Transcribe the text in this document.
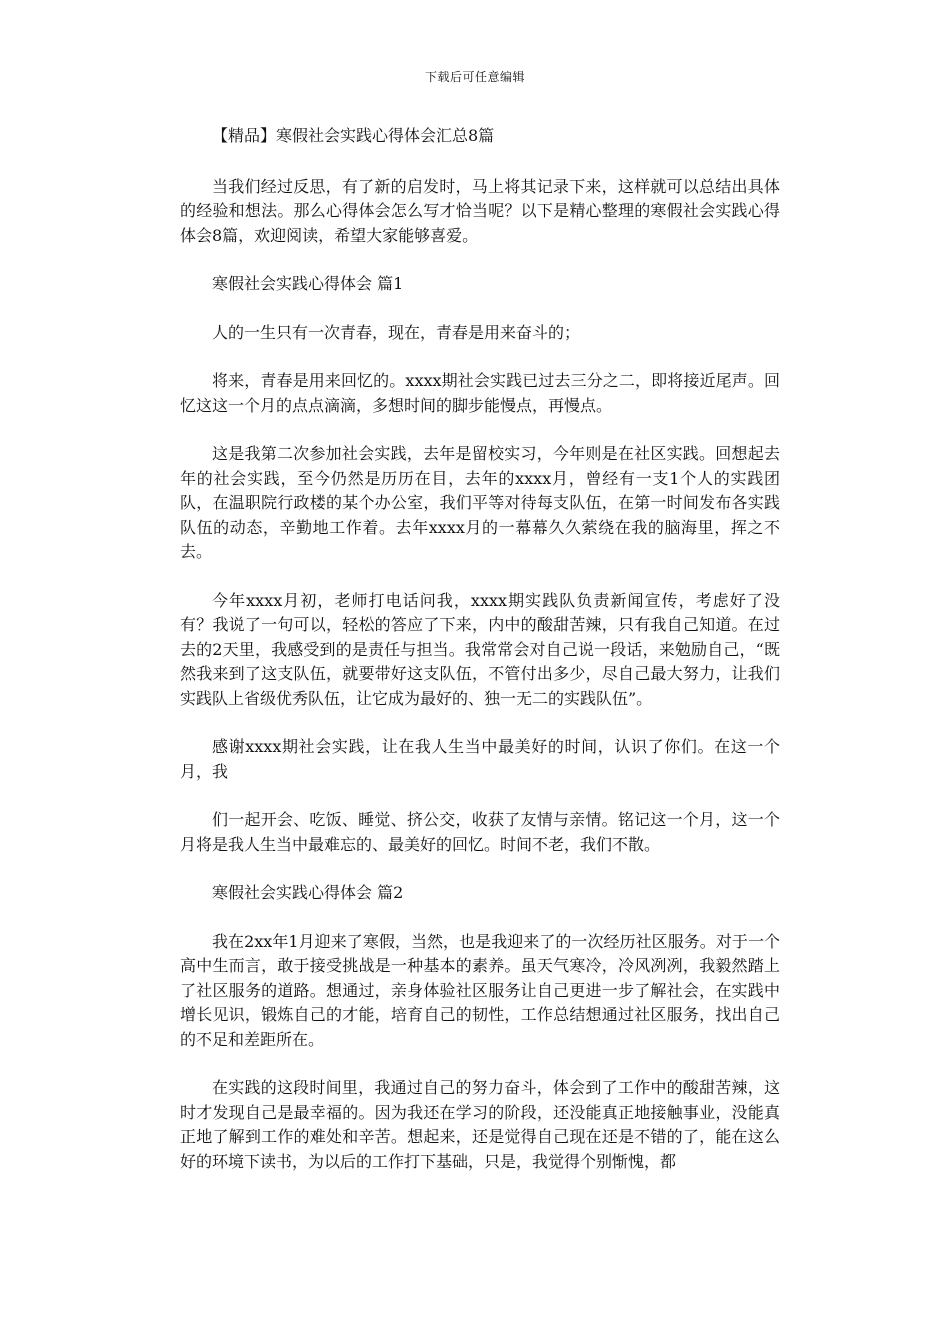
下载后可任意编辑

【精品】寒假社会实践心得体会汇总8篇

当我们经过反思，有了新的启发时，马上将其记录下来，这样就可以总结出具体的经验和想法。那么心得体会怎么写才恰当呢？以下是精心整理的寒假社会实践心得体会8篇，欢迎阅读，希望大家能够喜爱。

寒假社会实践心得体会 篇1

人的一生只有一次青春，现在，青春是用来奋斗的；

将来，青春是用来回忆的。xxxx期社会实践已过去三分之二，即将接近尾声。回忆这这一个月的点点滴滴，多想时间的脚步能慢点，再慢点。

这是我第二次参加社会实践，去年是留校实习，今年则是在社区实践。回想起去年的社会实践，至今仍然是历历在目，去年的xxxx月，曾经有一支1个人的实践团队，在温职院行政楼的某个办公室，我们平等对待每支队伍，在第一时间发布各实践队伍的动态，辛勤地工作着。去年xxxx月的一幕幕久久萦绕在我的脑海里，挥之不去。

今年xxxx月初，老师打电话问我，xxxx期实践队负责新闻宣传，考虑好了没有？我说了一句可以，轻松的答应了下来，内中的酸甜苦辣，只有我自己知道。在过去的2天里，我感受到的是责任与担当。我常常会对自己说一段话，来勉励自己，“既然我来到了这支队伍，就要带好这支队伍，不管付出多少，尽自己最大努力，让我们实践队上省级优秀队伍，让它成为最好的、独一无二的实践队伍”。

感谢xxxx期社会实践，让在我人生当中最美好的时间，认识了你们。在这一个月，我

们一起开会、吃饭、睡觉、挤公交，收获了友情与亲情。铭记这一个月，这一个月将是我人生当中最难忘的、最美好的回忆。时间不老，我们不散。

寒假社会实践心得体会 篇2

我在2xx年1月迎来了寒假，当然，也是我迎来了的一次经历社区服务。对于一个高中生而言，敢于接受挑战是一种基本的素养。虽天气寒冷，冷风冽冽，我毅然踏上了社区服务的道路。想通过，亲身体验社区服务让自己更进一步了解社会，在实践中增长见识，锻炼自己的才能，培育自己的韧性，工作总结想通过社区服务，找出自己的不足和差距所在。

在实践的这段时间里，我通过自己的努力奋斗，体会到了工作中的酸甜苦辣，这时才发现自己是最幸福的。因为我还在学习的阶段，还没能真正地接触事业，没能真正地了解到工作的难处和辛苦。想起来，还是觉得自己现在还是不错的了，能在这么好的环境下读书，为以后的工作打下基础，只是，我觉得个别惭愧，都
